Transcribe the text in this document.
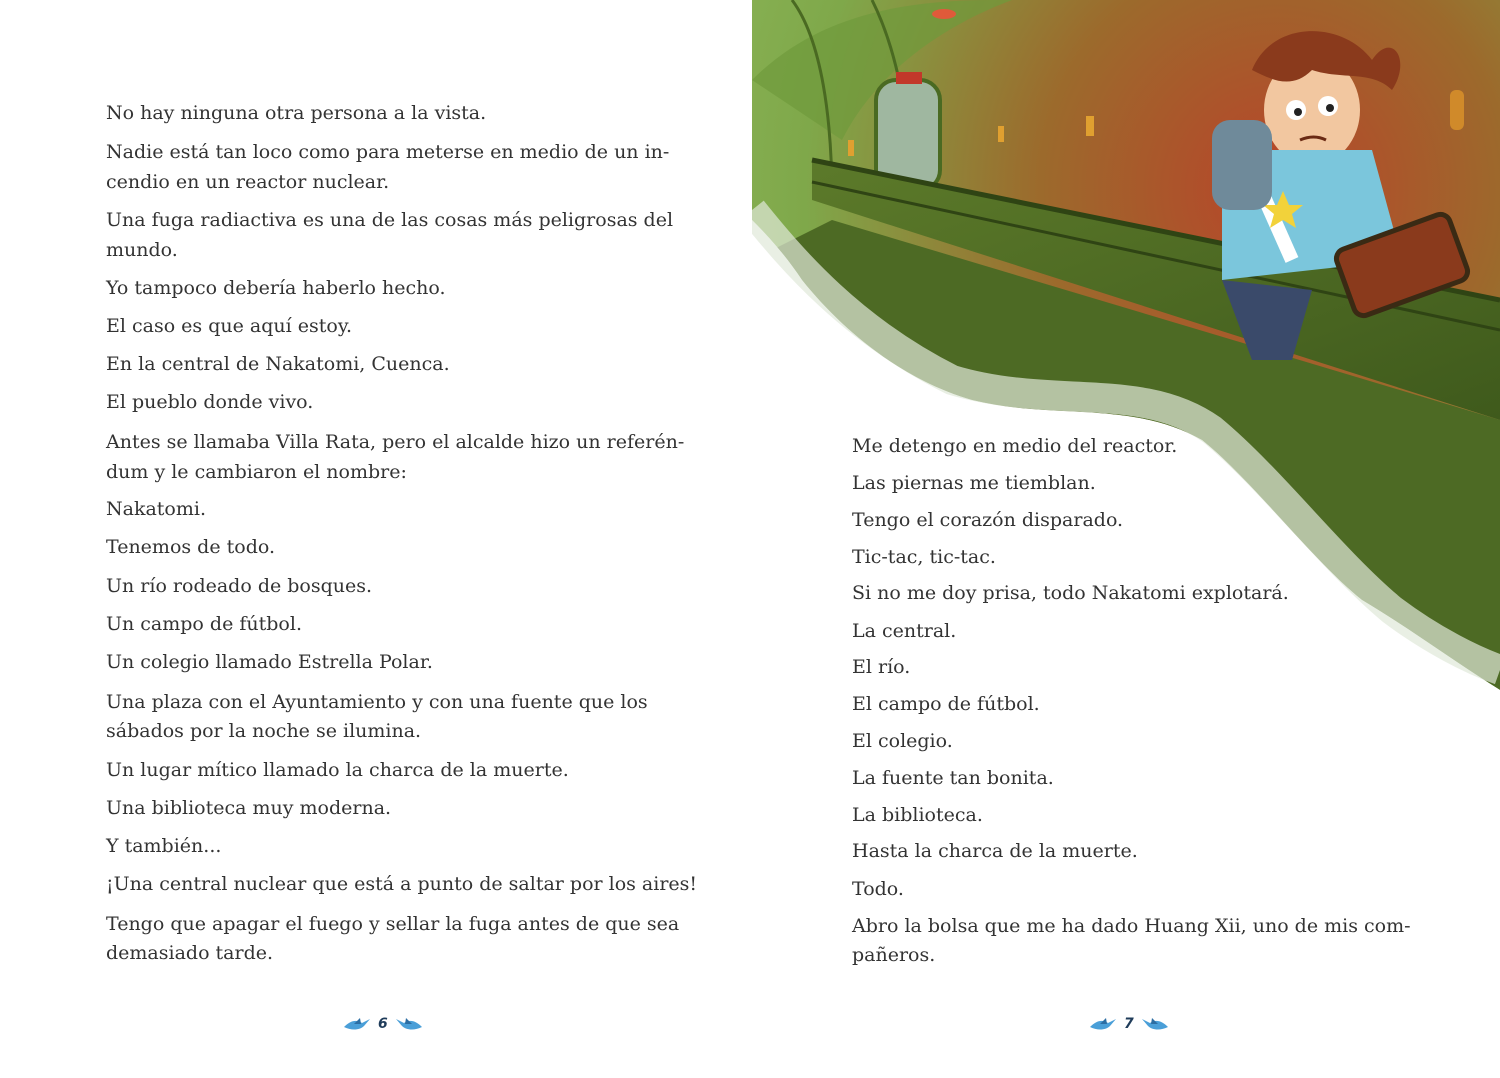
No hay ninguna otra persona a la vista.

Nadie está tan loco como para meterse en medio de un in-

cendio en un reactor nuclear.

Una fuga radiactiva es una de las cosas más peligrosas del

mundo.

Yo tampoco debería haberlo hecho.

El caso es que aquí estoy.

En la central de Nakatomi, Cuenca.

El pueblo donde vivo.

Antes se llamaba Villa Rata, pero el alcalde hizo un referén-

dum y le cambiaron el nombre:

Nakatomi.

Tenemos de todo.

Un río rodeado de bosques.

Un campo de fútbol.

Un colegio llamado Estrella Polar.

Una plaza con el Ayuntamiento y con una fuente que los

sábados por la noche se ilumina.

Un lugar mítico llamado la charca de la muerte.

Una biblioteca muy moderna.

Y también...

¡Una central nuclear que está a punto de saltar por los aires!

Tengo que apagar el fuego y sellar la fuga antes de que sea

demasiado tarde.

6

Me detengo en medio del reactor.

Las piernas me tiemblan.

Tengo el corazón disparado.

Tic-tac, tic-tac.

Si no me doy prisa, todo Nakatomi explotará.

La central.

El río.

El campo de fútbol.

El colegio.

La fuente tan bonita.

La biblioteca.

Hasta la charca de la muerte.

Todo.

Abro la bolsa que me ha dado Huang Xii, uno de mis com-

pañeros.

7
